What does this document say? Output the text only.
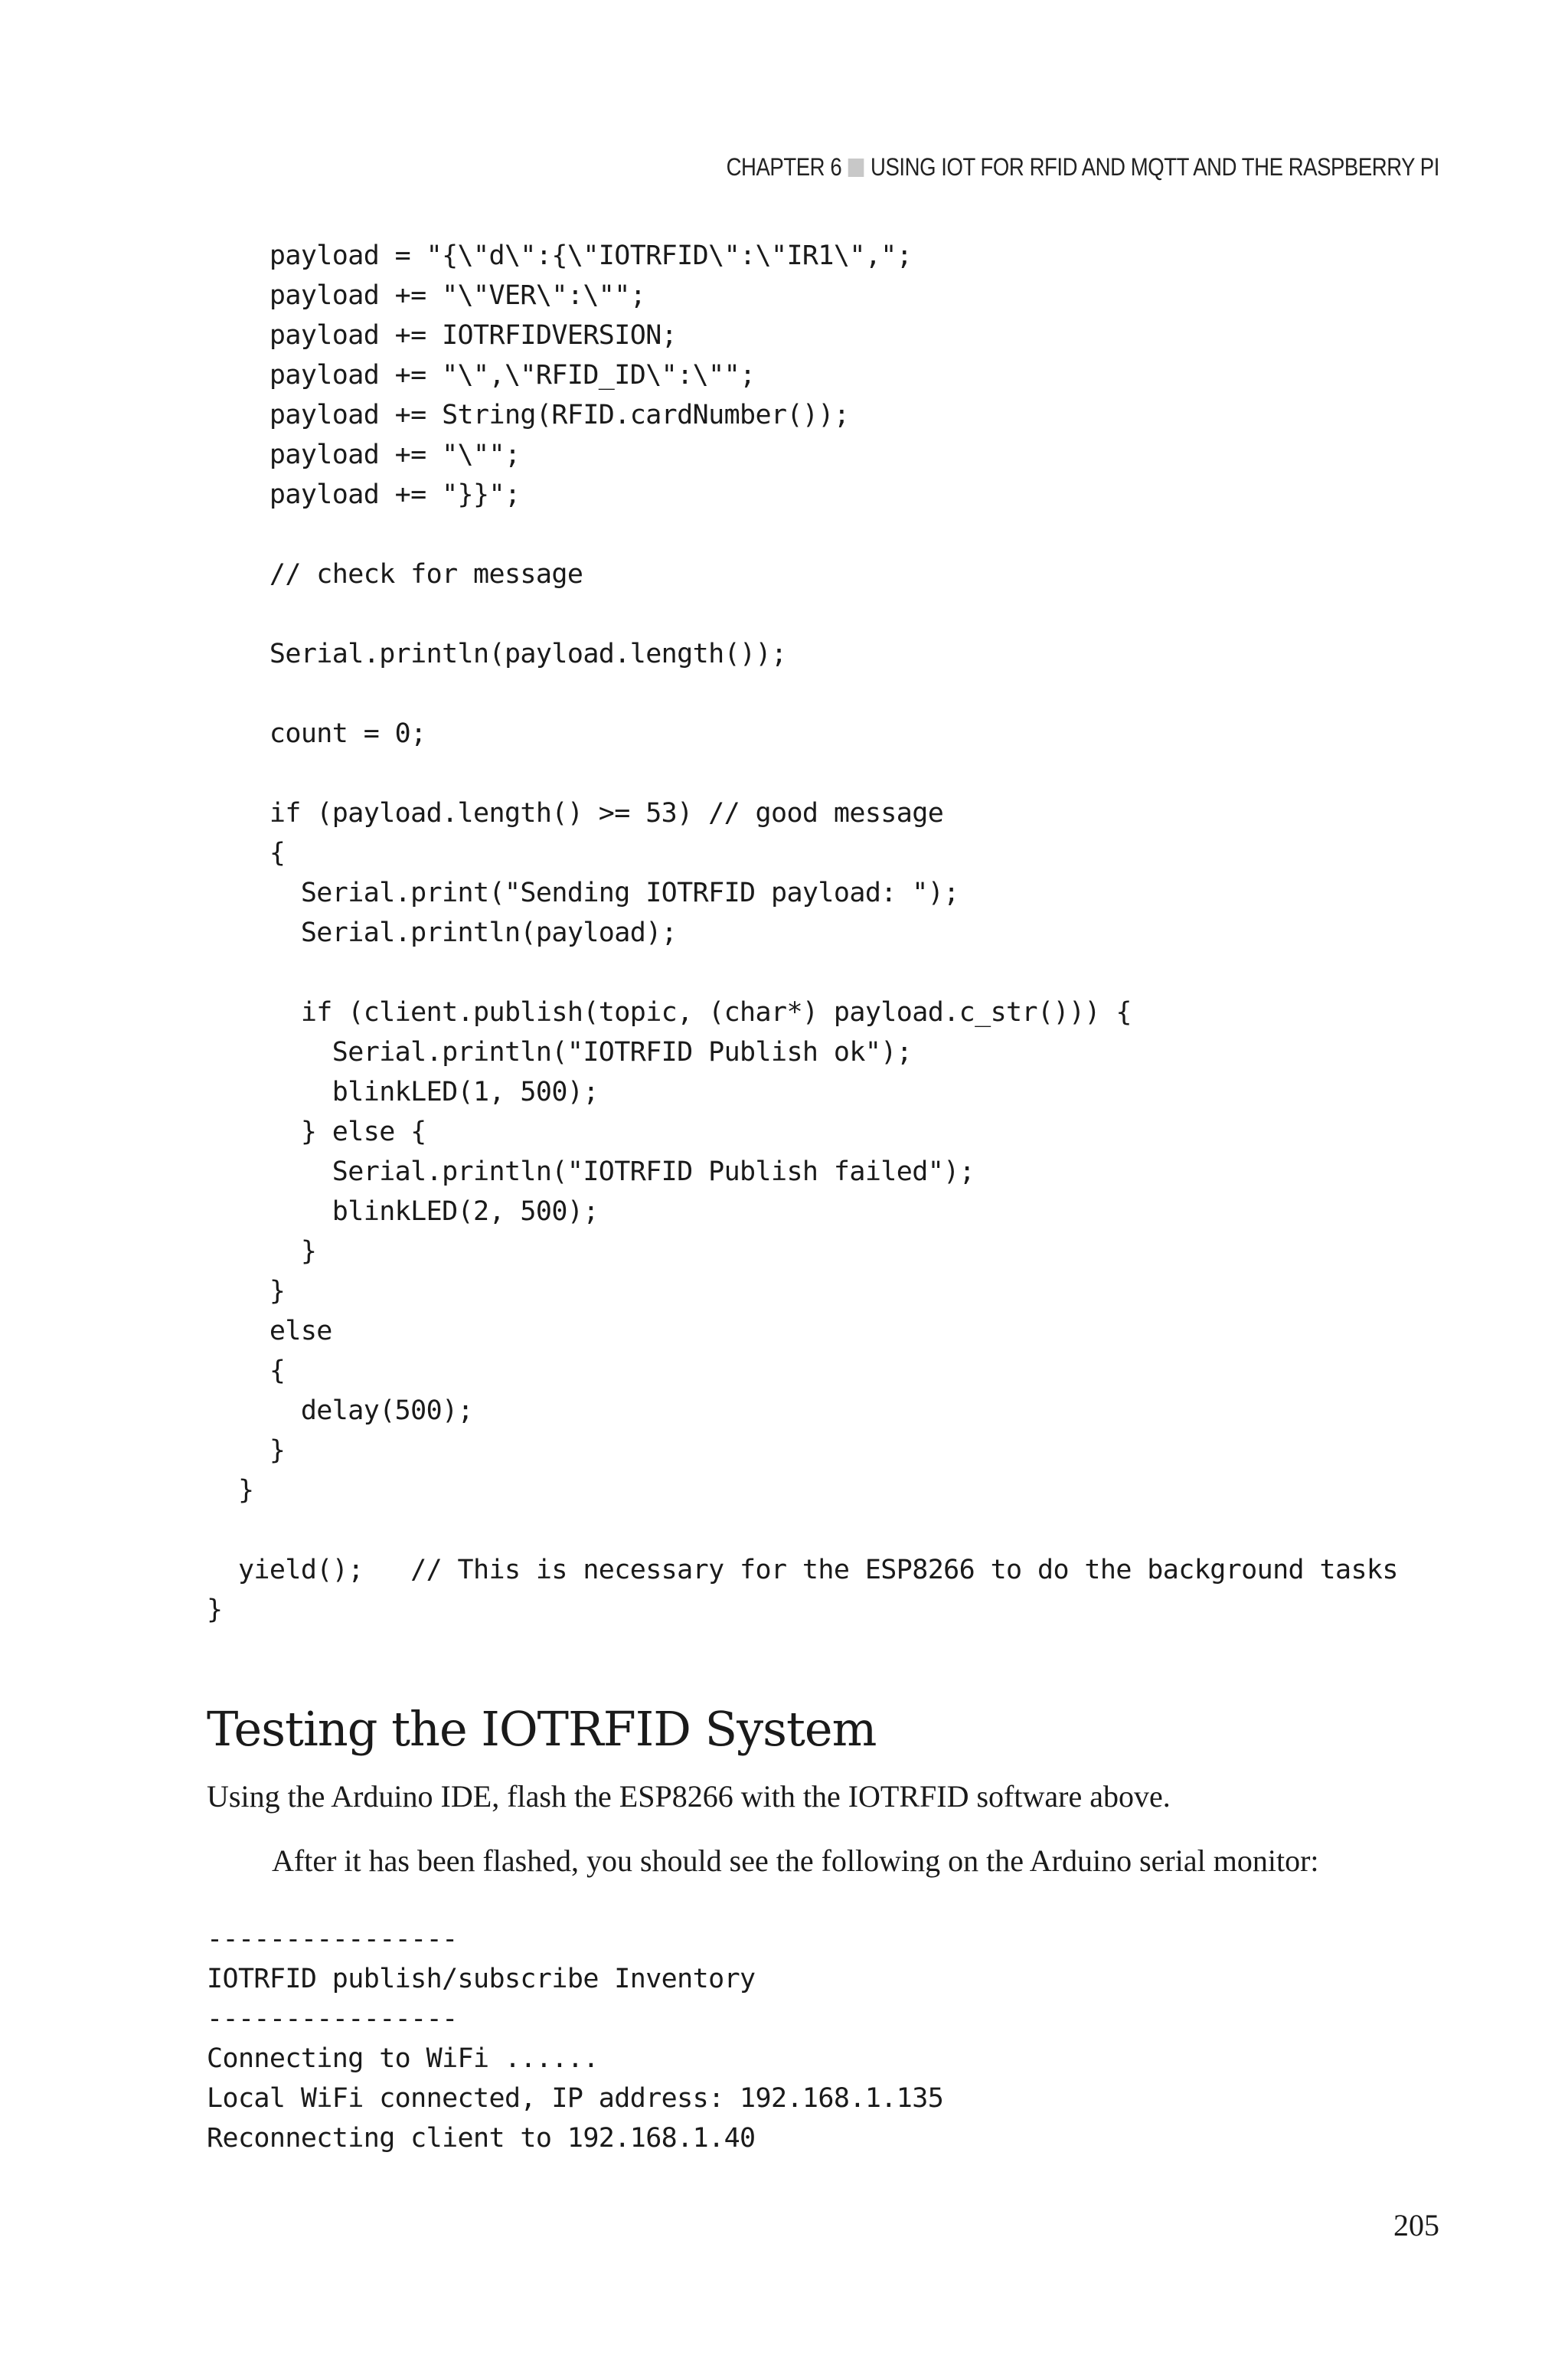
CHAPTER 6 USING IOT FOR RFID AND MQTT AND THE RASPBERRY PI
payload = "{\"d\":{\"IOTRFID\":\"IR1\",";
payload += "\"VER\":\"";
payload += IOTRFIDVERSION;
payload += "\",\"RFID_ID\":\"";
payload += String(RFID.cardNumber());
payload += "\"";
payload += "}}";
// check for message
Serial.println(payload.length());
count = 0;
if (payload.length() >= 53) // good message
{
Serial.print("Sending IOTRFID payload: ");
Serial.println(payload);
if (client.publish(topic, (char*) payload.c_str())) {
Serial.println("IOTRFID Publish ok");
blinkLED(1, 500);
} else {
Serial.println("IOTRFID Publish failed");
blinkLED(2, 500);
}
}
else
{
delay(500);
}
}
yield();   // This is necessary for the ESP8266 to do the background tasks
}
Testing the IOTRFID System

Using the Arduino IDE, flash the ESP8266 with the IOTRFID software above.

After it has been flashed, you should see the following on the Arduino serial monitor:

----------------
IOTRFID publish/subscribe Inventory
----------------
Connecting to WiFi ......
Local WiFi connected, IP address: 192.168.1.135
Reconnecting client to 192.168.1.40
205
